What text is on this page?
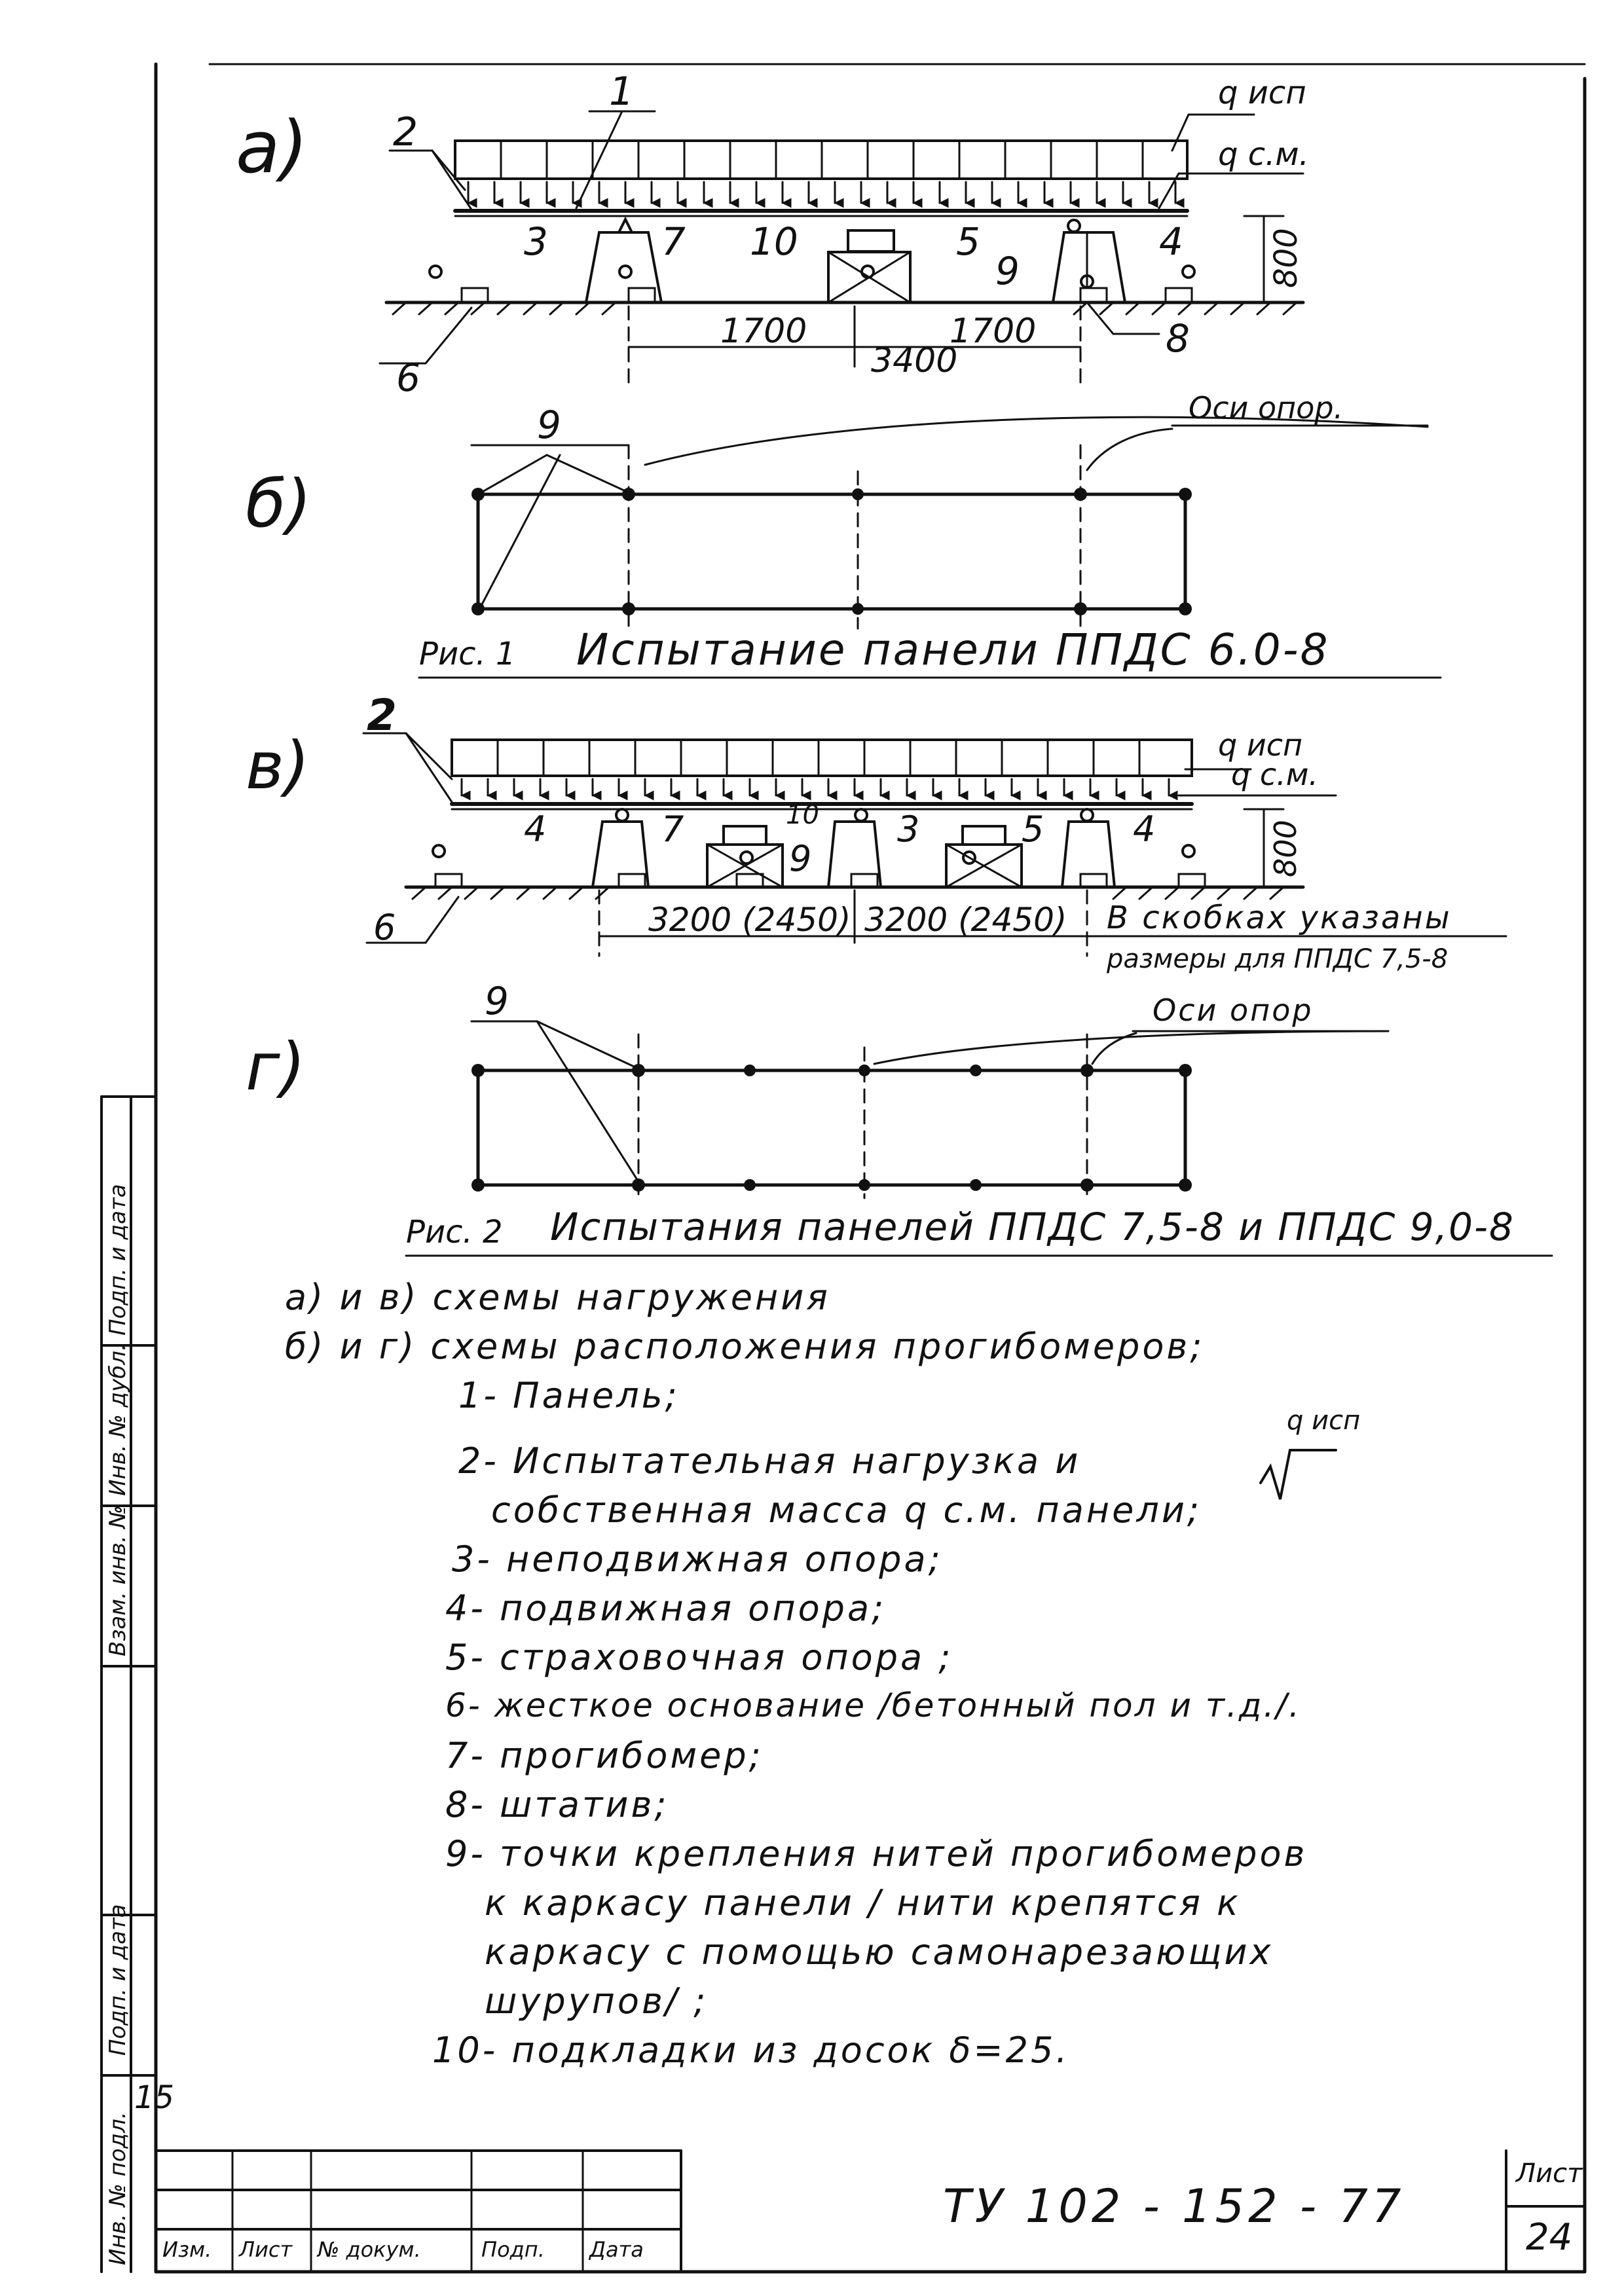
а) 2
1	q исп
q с.м.
3	7 10	5
9
4	800
1700	1700
3400
6
8
б)
9	Оси опор.
Рис. 1 Испытание панели ППДС 6.0-8
2
в)	q исп
q с.м.
4	7	10
9
3	5	4	800
6	3200 (2450) 3200 (2450) В скобках указаны
размеры для ППДС 7,5-8
г)
9	Оси опор
Рис. 2 Испытания панелей ППДС 7,5-8 и ППДС 9,0-8
а) и в) схемы нагружения
б) и г) схемы расположения прогибомеров;
1- Панель;
q исп
2- Испытательная нагрузка и
собственная масса q с.м. панели;
3- неподвижная опора;
4- подвижная опора;
5- страховочная опора ;
6- жесткое основание /бетонный пол и т.д./.
7- прогибомер;
8- штатив;
9- точки крепления нитей прогибомеров
к каркасу панели / нити крепятся к
каркасу с помощью самонарезающих
шурупов/ ;
10- подкладки из досок δ=25.
Изм. Лист № докум.	Подп. Дата
ТУ 102 - 152 - 77
Лист
24
Инв. № подл.
Подп. и дата
Взам. инв. №
Инв. № дубл.
Подп. и дата
15
